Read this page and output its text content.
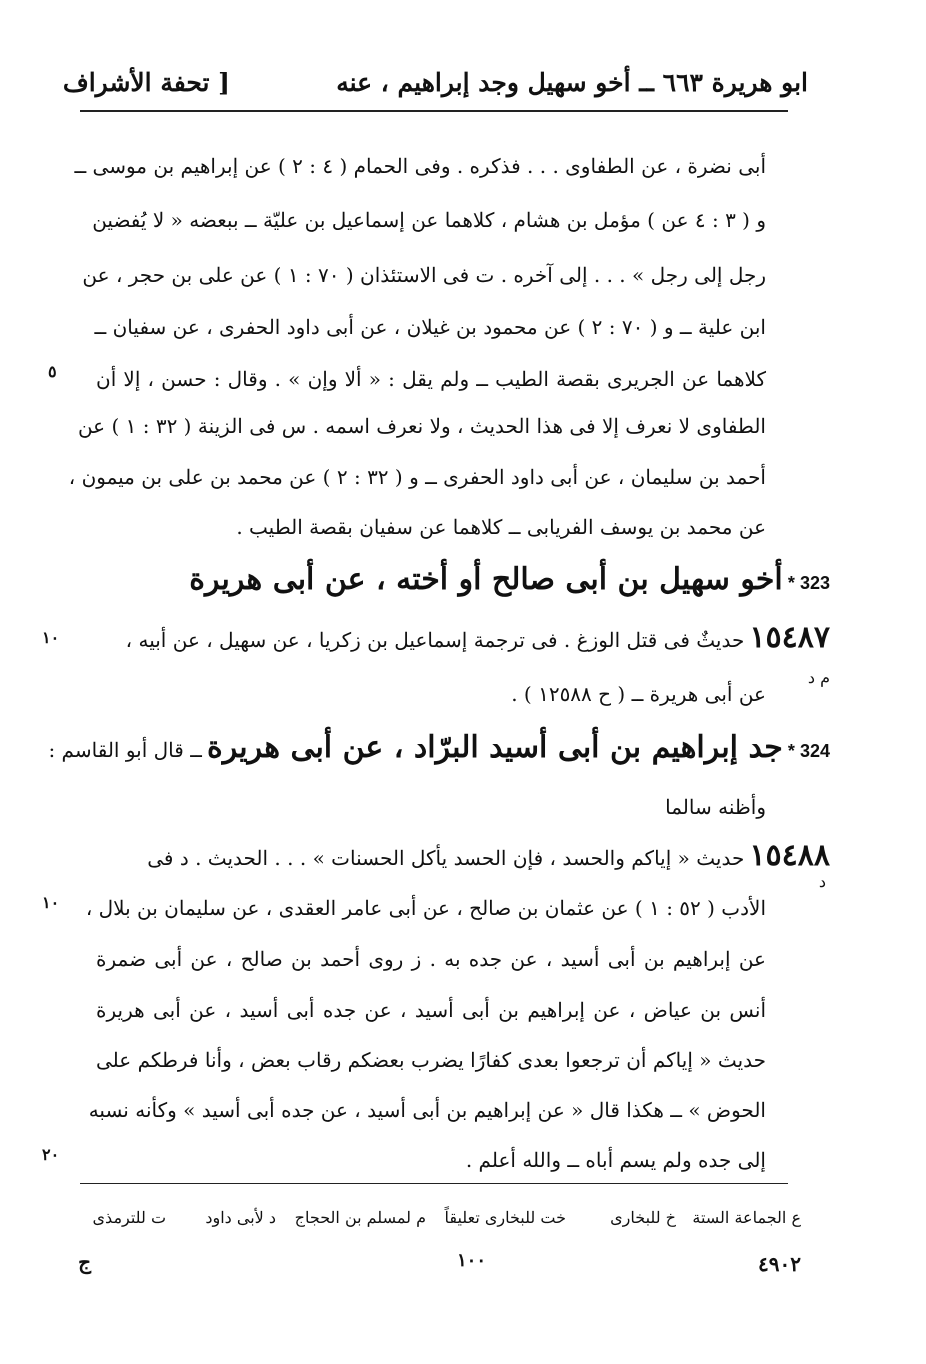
ابو هريرة ٦٦٣ ــ أخو سهيل وجد إبراهيم ، عنه
[ تحفة الأشراف
أبى نضرة ، عن الطفاوى . . . فذكره . وفى الحمام ( ٤ : ٢ ) عن إبراهيم بن موسى ــ
و ( ٣ : ٤ عن ) مؤمل بن هشام ، كلاهما عن إسماعيل بن عليّة ــ ببعضه « لا يُفضين
رجل إلى رجل » . . . إلى آخره . ت فى الاستئذان ( ٧٠ : ١ ) عن على بن حجر ، عن
ابن علية ــ و ( ٧٠ : ٢ ) عن محمود بن غيلان ، عن أبى داود الحفرى ، عن سفيان ــ
كلاهما عن الجريرى بقصة الطيب ــ ولم يقل : « ألا وإن » . وقال : حسن ، إلا أن
الطفاوى لا نعرف إلا فى هذا الحديث ، ولا نعرف اسمه . س فى الزينة ( ٣٢ : ١ ) عن
أحمد بن سليمان ، عن أبى داود الحفرى ــ و ( ٣٢ : ٢ ) عن محمد بن على بن ميمون ،
عن محمد بن يوسف الفريابى ــ كلاهما عن سفيان بقصة الطيب .
٥
323 * أخو سهيل بن أبى صالح أو أخته ، عن أبى هريرة
١٥٤٨٧ حديثٌ فى قتل الوزغ . فى ترجمة إسماعيل بن زكريا ، عن سهيل ، عن أبيه ،
م د
عن أبى هريرة ــ ( ح ١٢٥٨٨ ) .
١٠
324 * جد إبراهيم بن أبى أسيد البرّاد ، عن أبى هريرة ــ قال أبو القاسم :
وأظنه سالما
١٥٤٨٨ حديث « إياكم والحسد ، فإن الحسد يأكل الحسنات » . . . الحديث . د فى
د
الأدب ( ٥٢ : ١ ) عن عثمان بن صالح ، عن أبى عامر العقدى ، عن سليمان بن بلال ،
عن إبراهيم بن أبى أسيد ، عن جده به . ز روى أحمد بن صالح ، عن أبى ضمرة
أنس بن عياض ، عن إبراهيم بن أبى أسيد ، عن جده أبى أسيد ، عن أبى هريرة
حديث « إياكم أن ترجعوا بعدى كفارًا يضرب بعضكم رقاب بعض ، وأنا فرطكم على
الحوض » ــ هكذا قال « عن إبراهيم بن أبى أسيد ، عن جده أبى أسيد » وكأنه نسبه
إلى جده ولم يسم أباه ــ والله أعلم .
١٠
٢٠
ع الجماعة الستة
خ للبخارى
خت للبخارى تعليقاً
م لمسلم بن الحجاج
د لأبى داود
ت للترمذى
٤٩٠٢
١٠٠
ج
